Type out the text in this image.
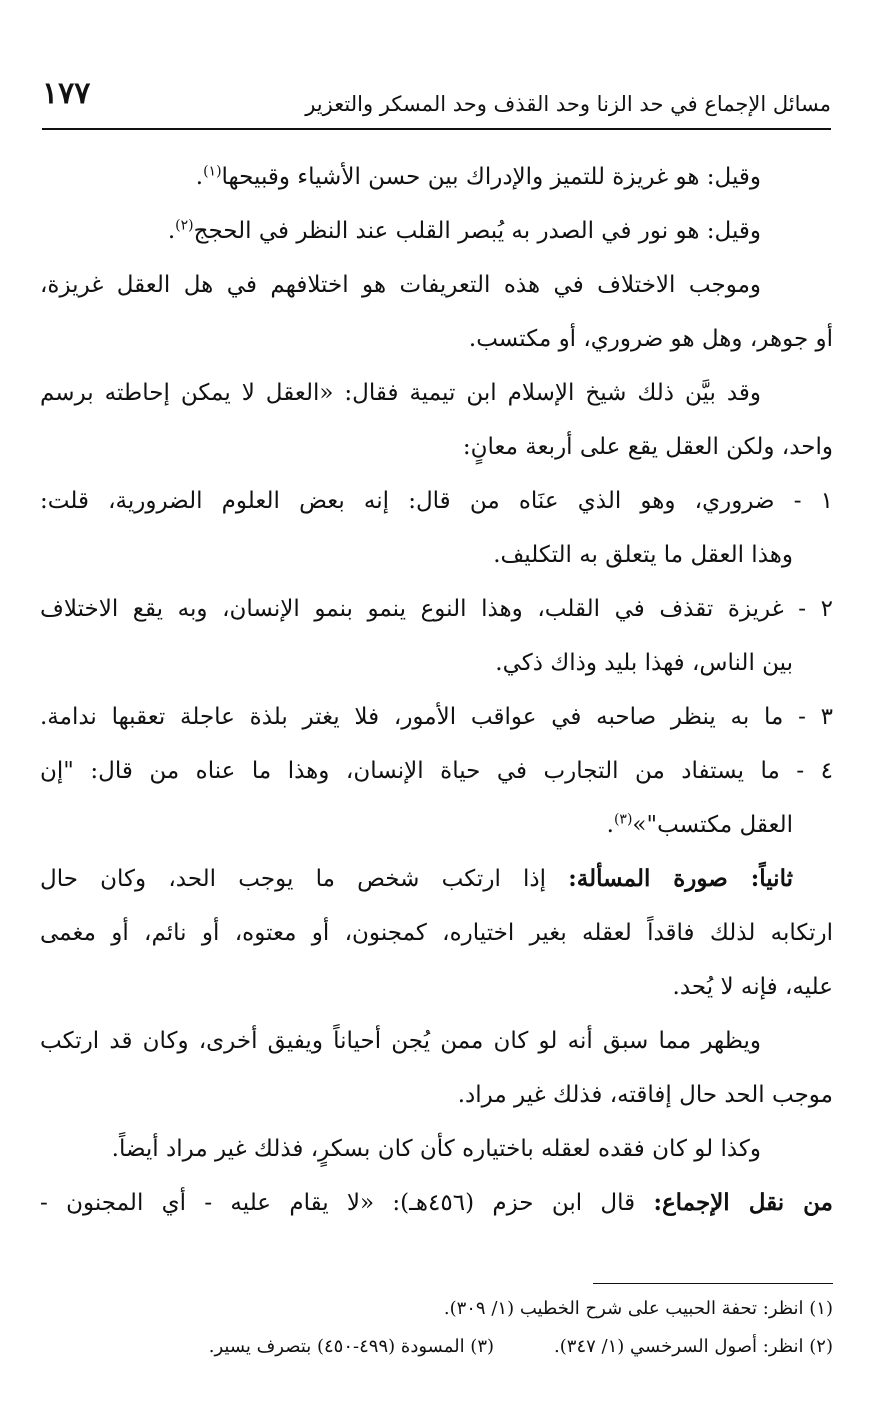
مسائل الإجماع في حد الزنا وحد القذف وحد المسكر والتعزير
١٧٧
وقيل: هو غريزة للتميز والإدراك بين حسن الأشياء وقبيحها$^{(١)}$.
وقيل: هو نور في الصدر به يُبصر القلب عند النظر في الحجج$^{(٢)}$.
وموجب الاختلاف في هذه التعريفات هو اختلافهم في هل العقل غريزة،
أو جوهر، وهل هو ضروري، أو مكتسب.
وقد بيَّن ذلك شيخ الإسلام ابن تيمية فقال: «العقل لا يمكن إحاطته برسم
واحد، ولكن العقل يقع على أربعة معانٍ:
١ - ضروري، وهو الذي عنَاه من قال: إنه بعض العلوم الضرورية، قلت:
وهذا العقل ما يتعلق به التكليف.
٢ - غريزة تقذف في القلب، وهذا النوع ينمو بنمو الإنسان، وبه يقع الاختلاف
بين الناس، فهذا بليد وذاك ذكي.
٣ - ما به ينظر صاحبه في عواقب الأمور، فلا يغتر بلذة عاجلة تعقبها ندامة.
٤ - ما يستفاد من التجارب في حياة الإنسان، وهذا ما عناه من قال: "إن
العقل مكتسب"»$^{(٣)}$.
ثانياً: صورة المسألة: إذا ارتكب شخص ما يوجب الحد، وكان حال
ارتكابه لذلك فاقداً لعقله بغير اختياره، كمجنون، أو معتوه، أو نائم، أو مغمى
عليه، فإنه لا يُحد.
ويظهر مما سبق أنه لو كان ممن يُجن أحياناً ويفيق أخرى، وكان قد ارتكب
موجب الحد حال إفاقته، فذلك غير مراد.
وكذا لو كان فقده لعقله باختياره كأن كان بسكرٍ، فذلك غير مراد أيضاً.
من نقل الإجماع: قال ابن حزم (٤٥٦هـ): «لا يقام عليه - أي المجنون -
(١) انظر: تحفة الحبيب على شرح الخطيب (١/ ٣٠٩).
(٢) انظر: أصول السرخسي (١/ ٣٤٧).(٣) المسودة (٤٩٩-٤٥٠) بتصرف يسير.
